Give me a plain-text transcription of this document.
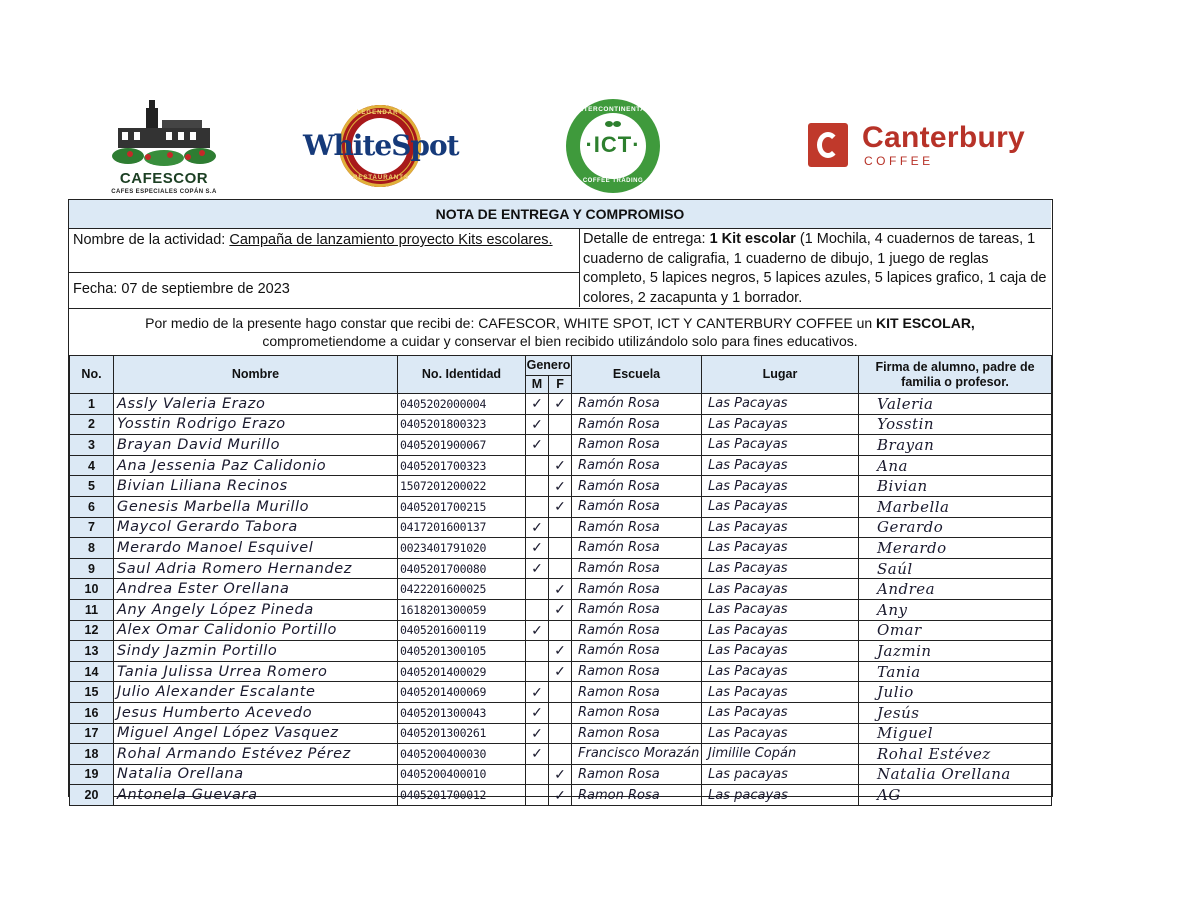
CAFESCOR
CAFES ESPECIALES COPÁN S.A
LEGENDARY
WhiteSpot
RESTAURANTS
INTERCONTINENTAL
·ICT·
COFFEE TRADING
Canterbury
COFFEE
NOTA DE ENTREGA Y COMPROMISO
Nombre de la actividad: Campaña de lanzamiento proyecto Kits escolares.
Fecha: 07 de septiembre de 2023
Detalle de entrega: 1 Kit escolar (1 Mochila, 4 cuadernos de tareas, 1 cuaderno de caligrafia, 1 cuaderno de dibujo, 1 juego de reglas completo, 5 lapices negros, 5 lapices azules, 5 lapices grafico, 1 caja de colores, 2 zacapunta y 1 borrador.
Por medio de la presente hago constar que recibi de: CAFESCOR, WHITE SPOT, ICT Y CANTERBURY COFFEE un KIT ESCOLAR,
comprometiendome a cuidar y conservar el bien recibido utilizándolo solo para fines educativos.
No.	Nombre	No. Identidad	Genero		Escuela	Lugar	Firma de alumno, padre de familia o profesor.
			M	F			
1	Assly Valeria Erazo	0405202000004	✓	✓	Ramón Rosa	Las Pacayas	Valeria
2	Yosstin Rodrigo Erazo	0405201800323	✓		Ramón Rosa	Las Pacayas	Yosstin
3	Brayan David Murillo	0405201900067	✓		Ramon Rosa	Las Pacayas	Brayan
4	Ana Jessenia Paz Calidonio	0405201700323		✓	Ramón Rosa	Las Pacayas	Ana
5	Bivian Liliana Recinos	1507201200022		✓	Ramón Rosa	Las Pacayas	Bivian
6	Genesis Marbella Murillo	0405201700215		✓	Ramón Rosa	Las Pacayas	Marbella
7	Maycol Gerardo Tabora	0417201600137	✓		Ramón Rosa	Las Pacayas	Gerardo
8	Merardo Manoel Esquivel	0023401791020	✓		Ramón Rosa	Las Pacayas	Merardo
9	Saul Adria Romero Hernandez	0405201700080	✓		Ramón Rosa	Las Pacayas	Saúl
10	Andrea Ester Orellana	0422201600025		✓	Ramón Rosa	Las Pacayas	Andrea
11	Any Angely López Pineda	1618201300059		✓	Ramón Rosa	Las Pacayas	Any
12	Alex Omar Calidonio Portillo	0405201600119	✓		Ramón Rosa	Las Pacayas	Omar
13	Sindy Jazmin Portillo	0405201300105		✓	Ramón Rosa	Las Pacayas	Jazmin
14	Tania Julissa Urrea Romero	0405201400029		✓	Ramon Rosa	Las Pacayas	Tania
15	Julio Alexander Escalante	0405201400069	✓		Ramon Rosa	Las Pacayas	Julio
16	Jesus Humberto Acevedo	0405201300043	✓		Ramon Rosa	Las Pacayas	Jesús
17	Miguel Angel López Vasquez	0405201300261	✓		Ramon Rosa	Las Pacayas	Miguel
18	Rohal Armando Estévez Pérez	0405200400030	✓		Francisco Morazán	Jimilile Copán	Rohal Estévez
19	Natalia Orellana	0405200400010		✓	Ramon Rosa	Las pacayas	Natalia Orellana
20	Antonela Guevara	0405201700012		✓	Ramon Rosa	Las pacayas	AG
